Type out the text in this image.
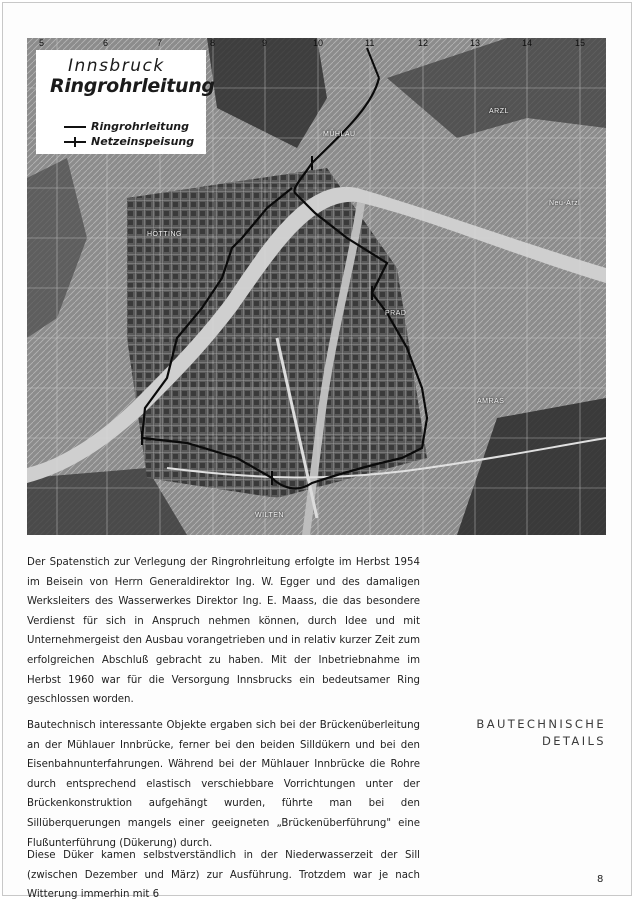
5	6	7	8	9	10	11	12	13	14	15
Innsbruck
Ringrohrleitung
Ringrohrleitung
Netzeinspeisung
ARZL
MÜHLAU
HÖTTING
PRAD
AMRAS
WILTEN
Neu-Arzl
Der Spatenstich zur Verlegung der Ringrohrleitung erfolgte im Herbst 1954 im Beisein von Herrn Generaldirektor Ing. W. Egger und des damaligen Werksleiters des Wasserwerkes Direktor Ing. E. Maass, die das besondere Verdienst für sich in Anspruch nehmen können, durch Idee und mit Unternehmergeist den Ausbau vorangetrieben und in relativ kurzer Zeit zum erfolgreichen Abschluß gebracht zu haben. Mit der Inbetriebnahme im Herbst 1960 war für die Versorgung Innsbrucks ein bedeutsamer Ring geschlossen worden.
Bautechnisch interessante Objekte ergaben sich bei der Brückenüberleitung an der Mühlauer Innbrücke, ferner bei den beiden Silldükern und bei den Eisenbahnunterfahrungen. Während bei der Mühlauer Innbrücke die Rohre durch entsprechend elastisch verschiebbare Vorrichtungen unter der Brückenkonstruktion aufgehängt wurden, führte man bei den Sillüberquerungen mangels einer geeigneten „Brückenüberführung" eine Flußunterführung (Dükerung) durch.
Diese Düker kamen selbstverständlich in der Niederwasserzeit der Sill (zwischen Dezember und März) zur Ausführung. Trotzdem war je nach Witterung immerhin mit 6
BAUTECHNISCHE
DETAILS
8
